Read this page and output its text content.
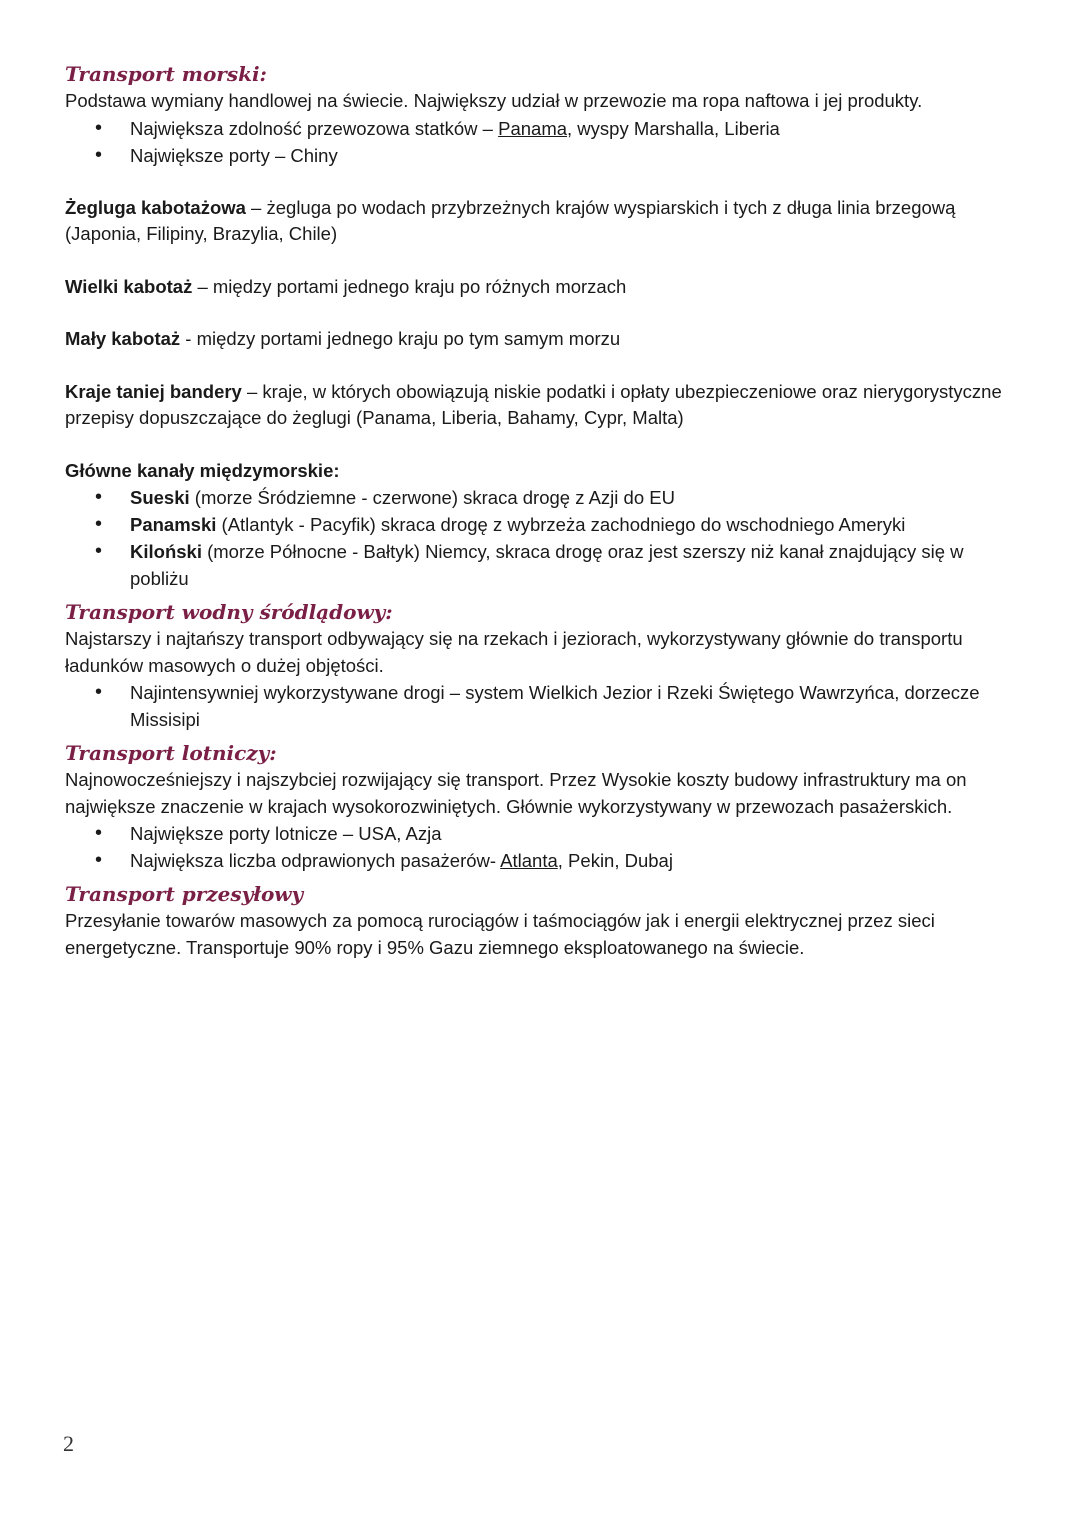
Transport morski:

Podstawa wymiany handlowej na świecie. Największy udział w przewozie ma ropa naftowa i jej produkty.

• Największa zdolność przewozowa statków – Panama, wyspy Marshalla, Liberia
• Największe porty – Chiny

Żegluga kabotażowa – żegluga po wodach przybrzeżnych krajów wyspiarskich i tych z długa linia brzegową (Japonia, Filipiny, Brazylia, Chile)

Wielki kabotaż – między portami jednego kraju po różnych morzach

Mały kabotaż - między portami jednego kraju po tym samym morzu

Kraje taniej bandery – kraje, w których obowiązują niskie podatki i opłaty ubezpieczeniowe oraz nierygorystyczne przepisy dopuszczające do żeglugi (Panama, Liberia, Bahamy, Cypr, Malta)

Główne kanały międzymorskie:

• Sueski (morze Śródziemne - czerwone) skraca drogę z Azji do EU
• Panamski (Atlantyk - Pacyfik) skraca drogę z wybrzeża zachodniego do wschodniego Ameryki
• Kiloński (morze Północne - Bałtyk) Niemcy, skraca drogę oraz jest szerszy niż kanał znajdujący się w pobliżu
Transport wodny śródlądowy:

Najstarszy i najtańszy transport odbywający się na rzekach i jeziorach, wykorzystywany głównie do transportu ładunków masowych o dużej objętości.

• Najintensywniej wykorzystywane drogi – system Wielkich Jezior i Rzeki Świętego Wawrzyńca, dorzecze Missisipi
Transport lotniczy:

Najnowocześniejszy i najszybciej rozwijający się transport. Przez Wysokie koszty budowy infrastruktury ma on największe znaczenie w krajach wysokorozwiniętych. Głównie wykorzystywany w przewozach pasażerskich.

• Największe porty lotnicze – USA, Azja
• Największa liczba odprawionych pasażerów- Atlanta, Pekin, Dubaj
Transport przesyłowy

Przesyłanie towarów masowych za pomocą rurociągów i taśmociągów jak i energii elektrycznej przez sieci energetyczne. Transportuje 90% ropy i 95% Gazu ziemnego eksploatowanego na świecie.

2
